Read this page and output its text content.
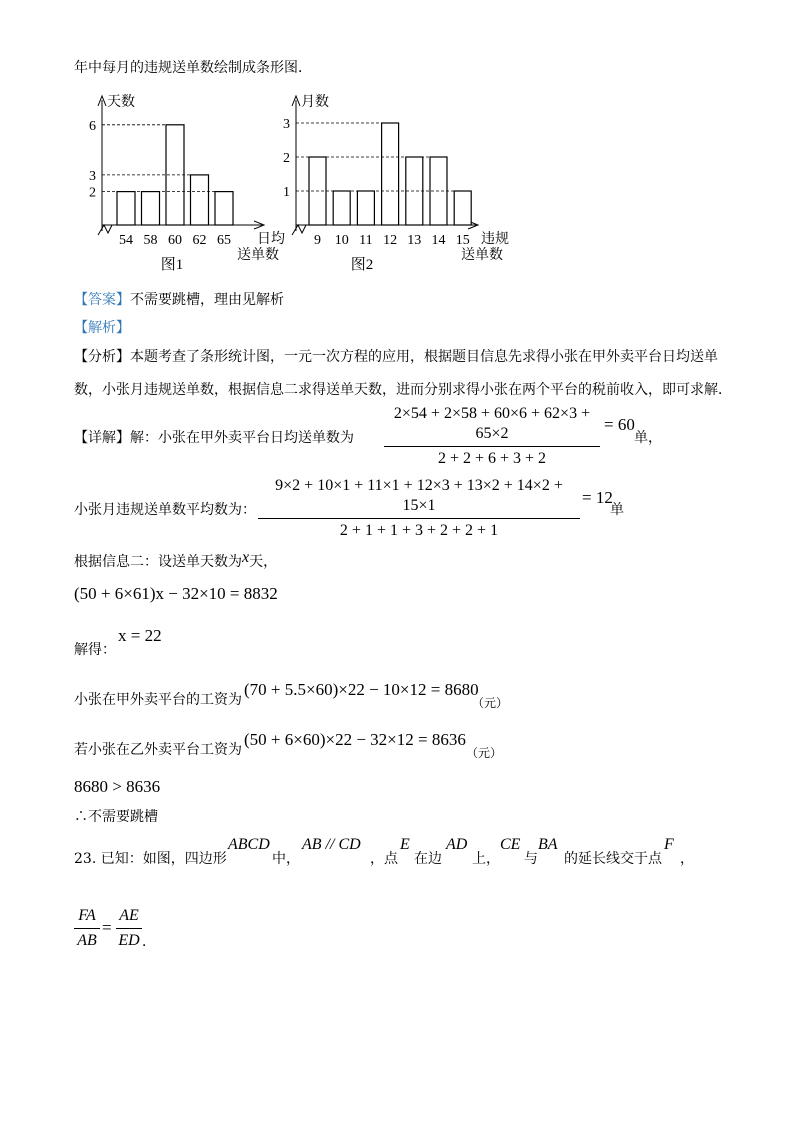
年中每月的违规送单数绘制成条形图．
天数
54 58 60 62 65
2
3
6
日均
送单数
图1
月数
9 10 11 12 13 14 15
1
2
3
违规
送单数
图2
【答案】不需要跳槽，理由见解析
【解析】
【分析】本题考查了条形统计图，一元一次方程的应用，根据题目信息先求得小张在甲外卖平台日均送单
数，小张月违规送单数，根据信息二求得送单天数，进而分别求得小张在两个平台的税前收入，即可求解．
【详解】解：小张在甲外卖平台日均送单数为
2×54 + 2×58 + 60×6 + 62×3 + 65×2
2 + 2 + 6 + 3 + 2
= 60
单，
小张月违规送单数平均数为：
9×2 + 10×1 + 11×1 + 12×3 + 13×2 + 14×2 + 15×1
2 + 1 + 1 + 3 + 2 + 2 + 1
= 12
单
根据信息二：设送单天数为x天，
(50 + 6×61)x − 32×10 = 8832
解得：
x = 22
小张在甲外卖平台的工资为
(70 + 5.5×60)×22 − 10×12 = 8680
（元）
若小张在乙外卖平台工资为
(50 + 6×60)×22 − 32×12 = 8636
（元）
8680 > 8636
∴不需要跳槽
23. 已知：如图，四边形
ABCD
中，
AB // CD
，点
E
在边
AD
上，
CE
与
BA
的延长线交于点
F
，
FA
AB
=
AE
ED ．
